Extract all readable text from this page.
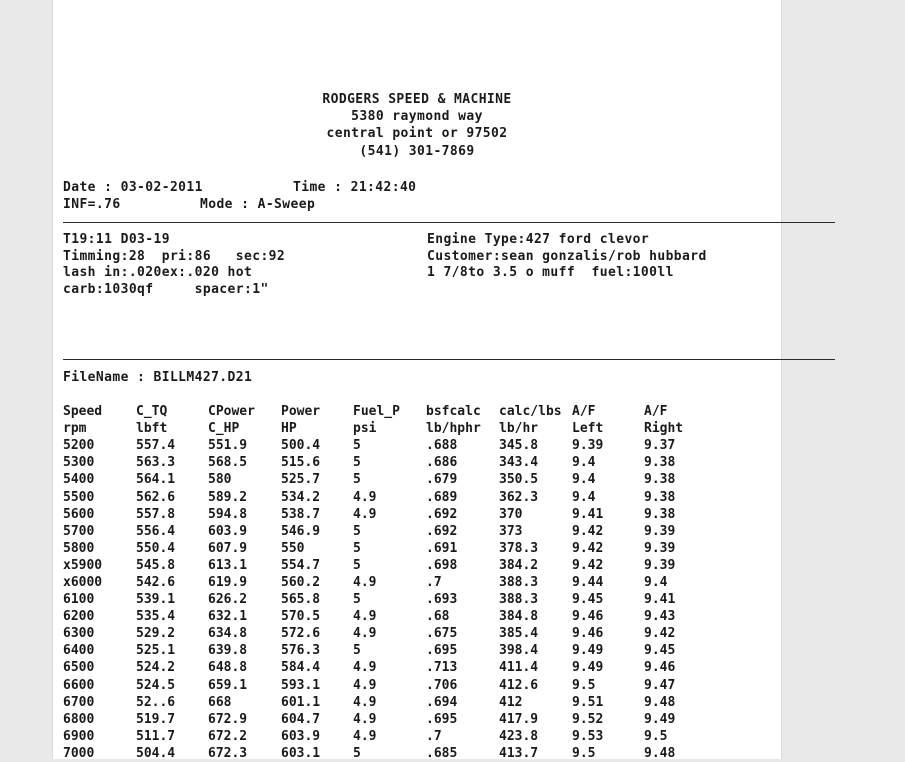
RODGERS SPEED & MACHINE
5380 raymond way
central point or 97502
(541) 301-7869
Date : 03-02-2011	Time : 21:42:40
INF=.76	Mode : A-Sweep
T19:11 D03-19
Timming:28  pri:86   sec:92
lash in:.020ex:.020 hot
carb:1030qf     spacer:1"
Engine Type:427 ford clevor
Customer:sean gonzalis/rob hubbard
1 7/8to 3.5 o muff  fuel:100ll
FileName : BILLM427.D21
Speed	C_TQ	CPower	Power	Fuel_P	bsfcalc	calc/lbs	A/F	A/F
rpm	lbft	C_HP	HP	psi	lb/hphr	lb/hr	Left	Right
5200	557.4	551.9	500.4	5	.688	345.8	9.39	9.37
5300	563.3	568.5	515.6	5	.686	343.4	9.4	9.38
5400	564.1	580	525.7	5	.679	350.5	9.4	9.38
5500	562.6	589.2	534.2	4.9	.689	362.3	9.4	9.38
5600	557.8	594.8	538.7	4.9	.692	370	9.41	9.38
5700	556.4	603.9	546.9	5	.692	373	9.42	9.39
5800	550.4	607.9	550	5	.691	378.3	9.42	9.39
x5900	545.8	613.1	554.7	5	.698	384.2	9.42	9.39
x6000	542.6	619.9	560.2	4.9	.7	388.3	9.44	9.4
6100	539.1	626.2	565.8	5	.693	388.3	9.45	9.41
6200	535.4	632.1	570.5	4.9	.68	384.8	9.46	9.43
6300	529.2	634.8	572.6	4.9	.675	385.4	9.46	9.42
6400	525.1	639.8	576.3	5	.695	398.4	9.49	9.45
6500	524.2	648.8	584.4	4.9	.713	411.4	9.49	9.46
6600	524.5	659.1	593.1	4.9	.706	412.6	9.5	9.47
6700	52..6	668	601.1	4.9	.694	412	9.51	9.48
6800	519.7	672.9	604.7	4.9	.695	417.9	9.52	9.49
6900	511.7	672.2	603.9	4.9	.7	423.8	9.53	9.5
7000	504.4	672.3	603.1	5	.685	413.7	9.5	9.48
